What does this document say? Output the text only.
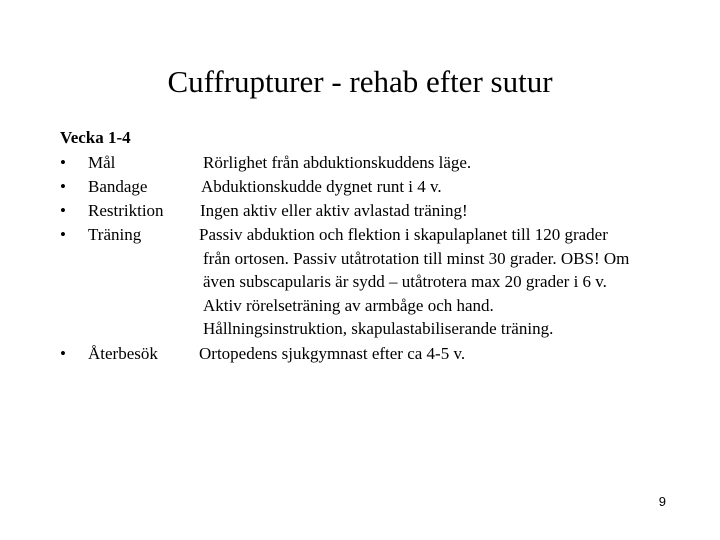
Cuffrupturer - rehab efter sutur
Vecka 1-4
• Mål	Rörlighet från abduktionskuddens läge.
• Bandage	Abduktionskudde dygnet runt i 4 v.
• Restriktion Ingen aktiv eller aktiv avlastad träning!
• Träning	Passiv abduktion och flektion i skapulaplanet till 120 grader
från ortosen. Passiv utåtrotation till minst 30 grader. OBS! Om
även subscapularis är sydd – utåtrotera max 20 grader i 6 v.
Aktiv rörelseträning av armbåge och hand.
Hållningsinstruktion, skapulastabiliserande träning.
• Återbesök Ortopedens sjukgymnast efter ca 4-5 v.
9
